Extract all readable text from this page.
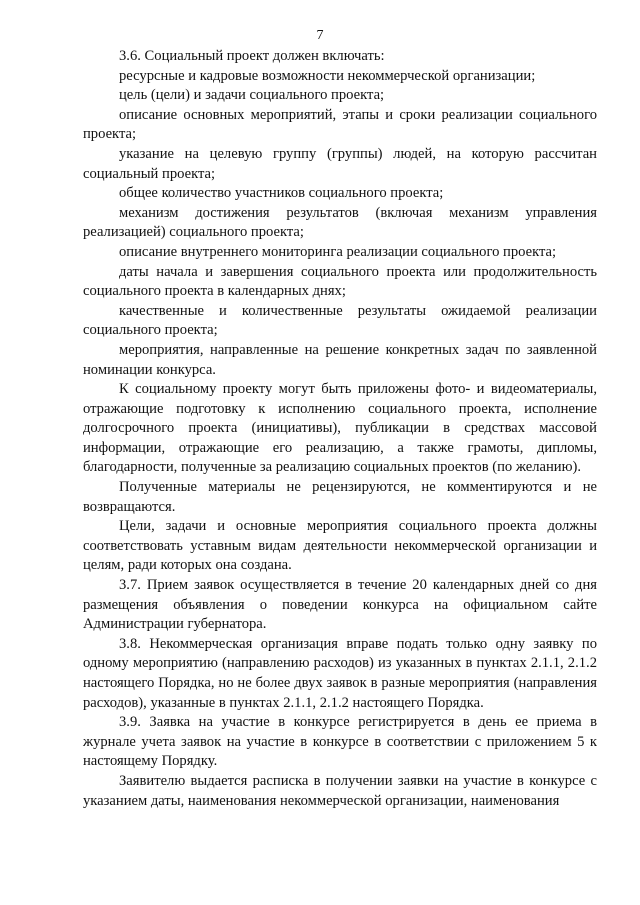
7

3.6. Социальный проект должен включать:

ресурсные и кадровые возможности некоммерческой организации;

цель (цели) и задачи социального проекта;

описание основных мероприятий, этапы и сроки реализации социального проекта;

указание на целевую группу (группы) людей, на которую рассчитан социальный проекта;

общее количество участников социального проекта;

механизм достижения результатов (включая механизм управления реализацией) социального проекта;

описание внутреннего мониторинга реализации социального проекта;

даты начала и завершения социального проекта или продолжительность социального проекта в календарных днях;

качественные и количественные результаты ожидаемой реализации социального проекта;

мероприятия, направленные на решение конкретных задач по заявленной номинации конкурса.

К социальному проекту могут быть приложены фото- и видеоматериалы, отражающие подготовку к исполнению социального проекта, исполнение долгосрочного проекта (инициативы), публикации в средствах массовой информации, отражающие его реализацию, а также грамоты, дипломы, благодарности, полученные за реализацию социальных проектов (по желанию).

Полученные материалы не рецензируются, не комментируются и не возвращаются.

Цели, задачи и основные мероприятия социального проекта должны соответствовать уставным видам деятельности некоммерческой организации и целям, ради которых она создана.

3.7. Прием заявок осуществляется в течение 20 календарных дней со дня размещения объявления о поведении конкурса на официальном сайте Администрации губернатора.

3.8. Некоммерческая организация вправе подать только одну заявку по одному мероприятию (направлению расходов) из указанных в пунктах 2.1.1, 2.1.2 настоящего Порядка, но не более двух заявок в разные мероприятия (направления расходов), указанные в пунктах 2.1.1, 2.1.2 настоящего Порядка.

3.9. Заявка на участие в конкурсе регистрируется в день ее приема в журнале учета заявок на участие в конкурсе в соответствии с приложением 5 к настоящему Порядку.

Заявителю выдается расписка в получении заявки на участие в конкурсе с указанием даты, наименования некоммерческой организации, наименования
